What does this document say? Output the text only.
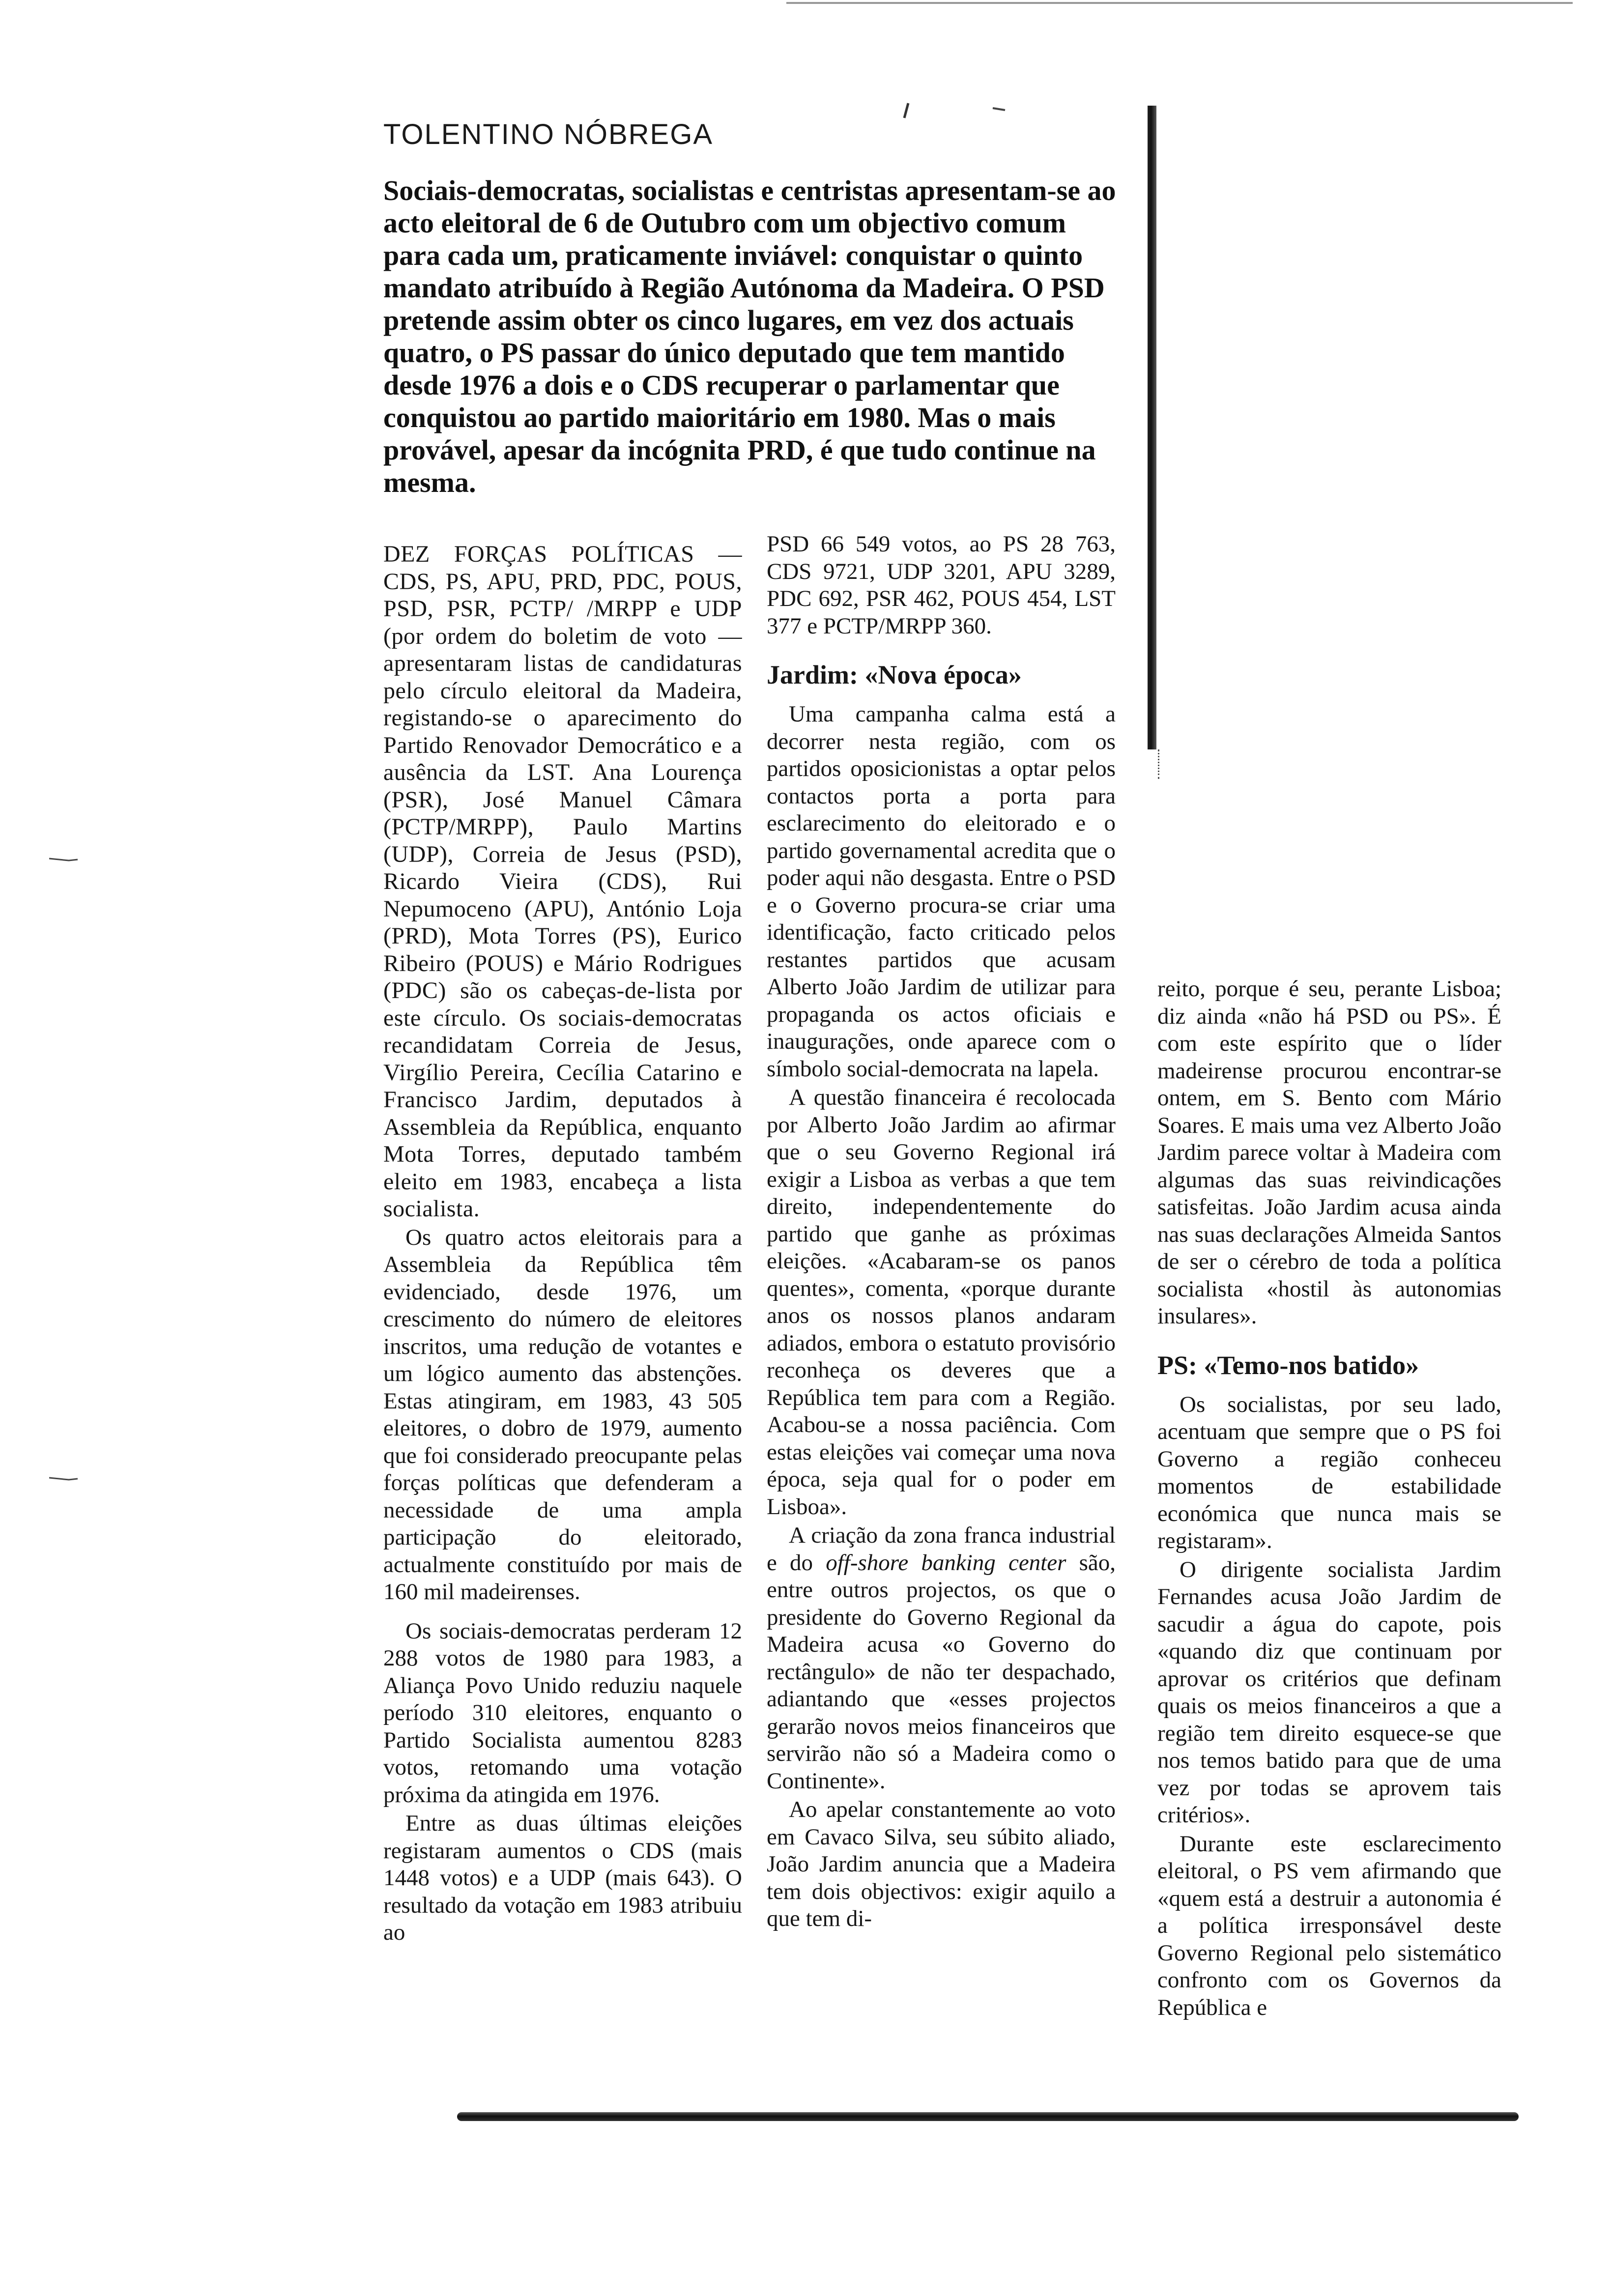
TOLENTINO NÓBREGA
Sociais-democratas, socialistas e centristas apresentam-se ao acto eleitoral de 6 de Outubro com um objectivo comum para cada um, praticamente inviável: conquistar o quinto mandato atribuído à Região Autónoma da Madeira. O PSD pretende assim obter os cinco lugares, em vez dos actuais quatro, o PS passar do único deputado que tem mantido desde 1976 a dois e o CDS recuperar o parlamentar que conquistou ao partido maioritário em 1980. Mas o mais provável, apesar da incógnita PRD, é que tudo continue na mesma.

DEZ FORÇAS POLÍTICAS — CDS, PS, APU, PRD, PDC, POUS, PSD, PSR, PCTP/ /MRPP e UDP (por ordem do boletim de voto — apresentaram listas de candidaturas pelo círculo eleitoral da Madeira, registando-se o aparecimento do Partido Renovador Democrático e a ausência da LST. Ana Lourença (PSR), José Manuel Câmara (PCTP/MRPP), Paulo Martins (UDP), Correia de Jesus (PSD), Ricardo Vieira (CDS), Rui Nepumoceno (APU), António Loja (PRD), Mota Torres (PS), Eurico Ribeiro (POUS) e Mário Rodrigues (PDC) são os cabeças-de-lista por este círculo. Os sociais-democratas recandidatam Correia de Jesus, Virgílio Pereira, Cecília Catarino e Francisco Jardim, deputados à Assembleia da República, enquanto Mota Torres, deputado também eleito em 1983, encabeça a lista socialista.

Os quatro actos eleitorais para a Assembleia da República têm evidenciado, desde 1976, um crescimento do número de eleitores inscritos, uma redução de votantes e um lógico aumento das abstenções. Estas atingiram, em 1983, 43 505 eleitores, o dobro de 1979, aumento que foi considerado preocupante pelas forças políticas que defenderam a necessidade de uma ampla participação do eleitorado, actualmente constituído por mais de 160 mil madeirenses.

Os sociais-democratas perderam 12 288 votos de 1980 para 1983, a Aliança Povo Unido reduziu naquele período 310 eleitores, enquanto o Partido Socialista aumentou 8283 votos, retomando uma votação próxima da atingida em 1976.

Entre as duas últimas eleições registaram aumentos o CDS (mais 1448 votos) e a UDP (mais 643). O resultado da votação em 1983 atribuiu ao

PSD 66 549 votos, ao PS 28 763, CDS 9721, UDP 3201, APU 3289, PDC 692, PSR 462, POUS 454, LST 377 e PCTP/MRPP 360.

Jardim: «Nova época»

Uma campanha calma está a decorrer nesta região, com os partidos oposicionistas a optar pelos contactos porta a porta para esclarecimento do eleitorado e o partido governamental acredita que o poder aqui não desgasta. Entre o PSD e o Governo procura-se criar uma identificação, facto criticado pelos restantes partidos que acusam Alberto João Jardim de utilizar para propaganda os actos oficiais e inaugurações, onde aparece com o símbolo social-democrata na lapela.

A questão financeira é recolocada por Alberto João Jardim ao afirmar que o seu Governo Regional irá exigir a Lisboa as verbas a que tem direito, independentemente do partido que ganhe as próximas eleições. «Acabaram-se os panos quentes», comenta, «porque durante anos os nossos planos andaram adiados, embora o estatuto provisório reconheça os deveres que a República tem para com a Região. Acabou-se a nossa paciência. Com estas eleições vai começar uma nova época, seja qual for o poder em Lisboa».

A criação da zona franca industrial e do off-shore banking center são, entre outros projectos, os que o presidente do Governo Regional da Madeira acusa «o Governo do rectângulo» de não ter despachado, adiantando que «esses projectos gerarão novos meios financeiros que servirão não só a Madeira como o Continente».

Ao apelar constantemente ao voto em Cavaco Silva, seu súbito aliado, João Jardim anuncia que a Madeira tem dois objectivos: exigir aquilo a que tem di-

reito, porque é seu, perante Lisboa; diz ainda «não há PSD ou PS». É com este espírito que o líder madeirense procurou encontrar-se ontem, em S. Bento com Mário Soares. E mais uma vez Alberto João Jardim parece voltar à Madeira com algumas das suas reivindicações satisfeitas. João Jardim acusa ainda nas suas declarações Almeida Santos de ser o cérebro de toda a política socialista «hostil às autonomias insulares».

PS: «Temo-nos batido»

Os socialistas, por seu lado, acentuam que sempre que o PS foi Governo a região conheceu momentos de estabilidade económica que nunca mais se registaram».

O dirigente socialista Jardim Fernandes acusa João Jardim de sacudir a água do capote, pois «quando diz que continuam por aprovar os critérios que definam quais os meios financeiros a que a região tem direito esquece-se que nos temos batido para que de uma vez por todas se aprovem tais critérios».

Durante este esclarecimento eleitoral, o PS vem afirmando que «quem está a destruir a autonomia é a política irresponsável deste Governo Regional pelo sistemático confronto com os Governos da República e
